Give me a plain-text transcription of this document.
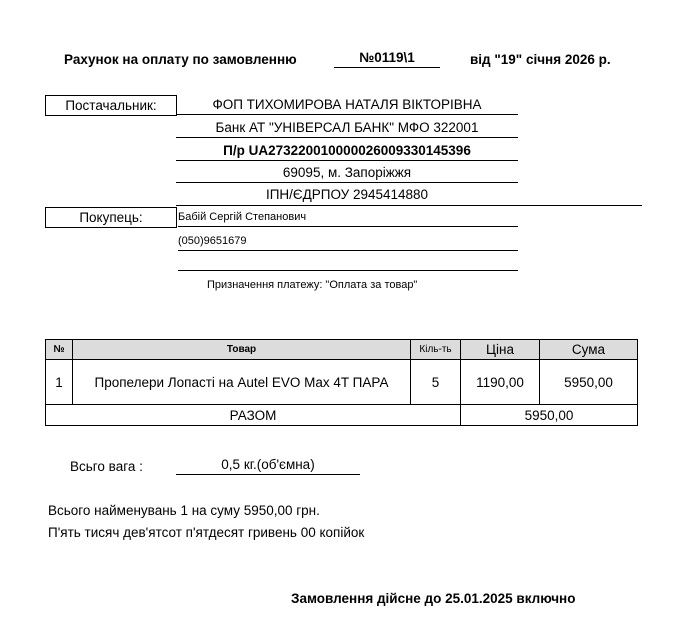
Рахунок на оплату по замовленню	№0119\1	від "19" січня 2026 р.
Постачальник:	ФОП ТИХОМИРОВА НАТАЛЯ ВІКТОРІВНА
Банк АТ "УНІВЕРСАЛ БАНК" МФО 322001
П/р UA273220010000026009330145396
69095, м. Запоріжжя
ІПН/ЄДРПОУ 2945414880
Покупець:	Бабій Сергій Степанович
(050)9651679
Призначення платежу: "Оплата за товар"
№	Товар	Кіль-ть	Ціна	Сума
1	Пропелери Лопасті на Autel EVO Max 4T ПАРА	5	1190,00	5950,00
РАЗОМ			5950,00	
Всьго вага :	0,5 кг.(об'ємна)
Всього найменувань 1 на суму 5950,00 грн.
П'ять тисяч дев'ятсот п'ятдесят гривень 00 копійок
Замовлення дійсне до 25.01.2025 включно
